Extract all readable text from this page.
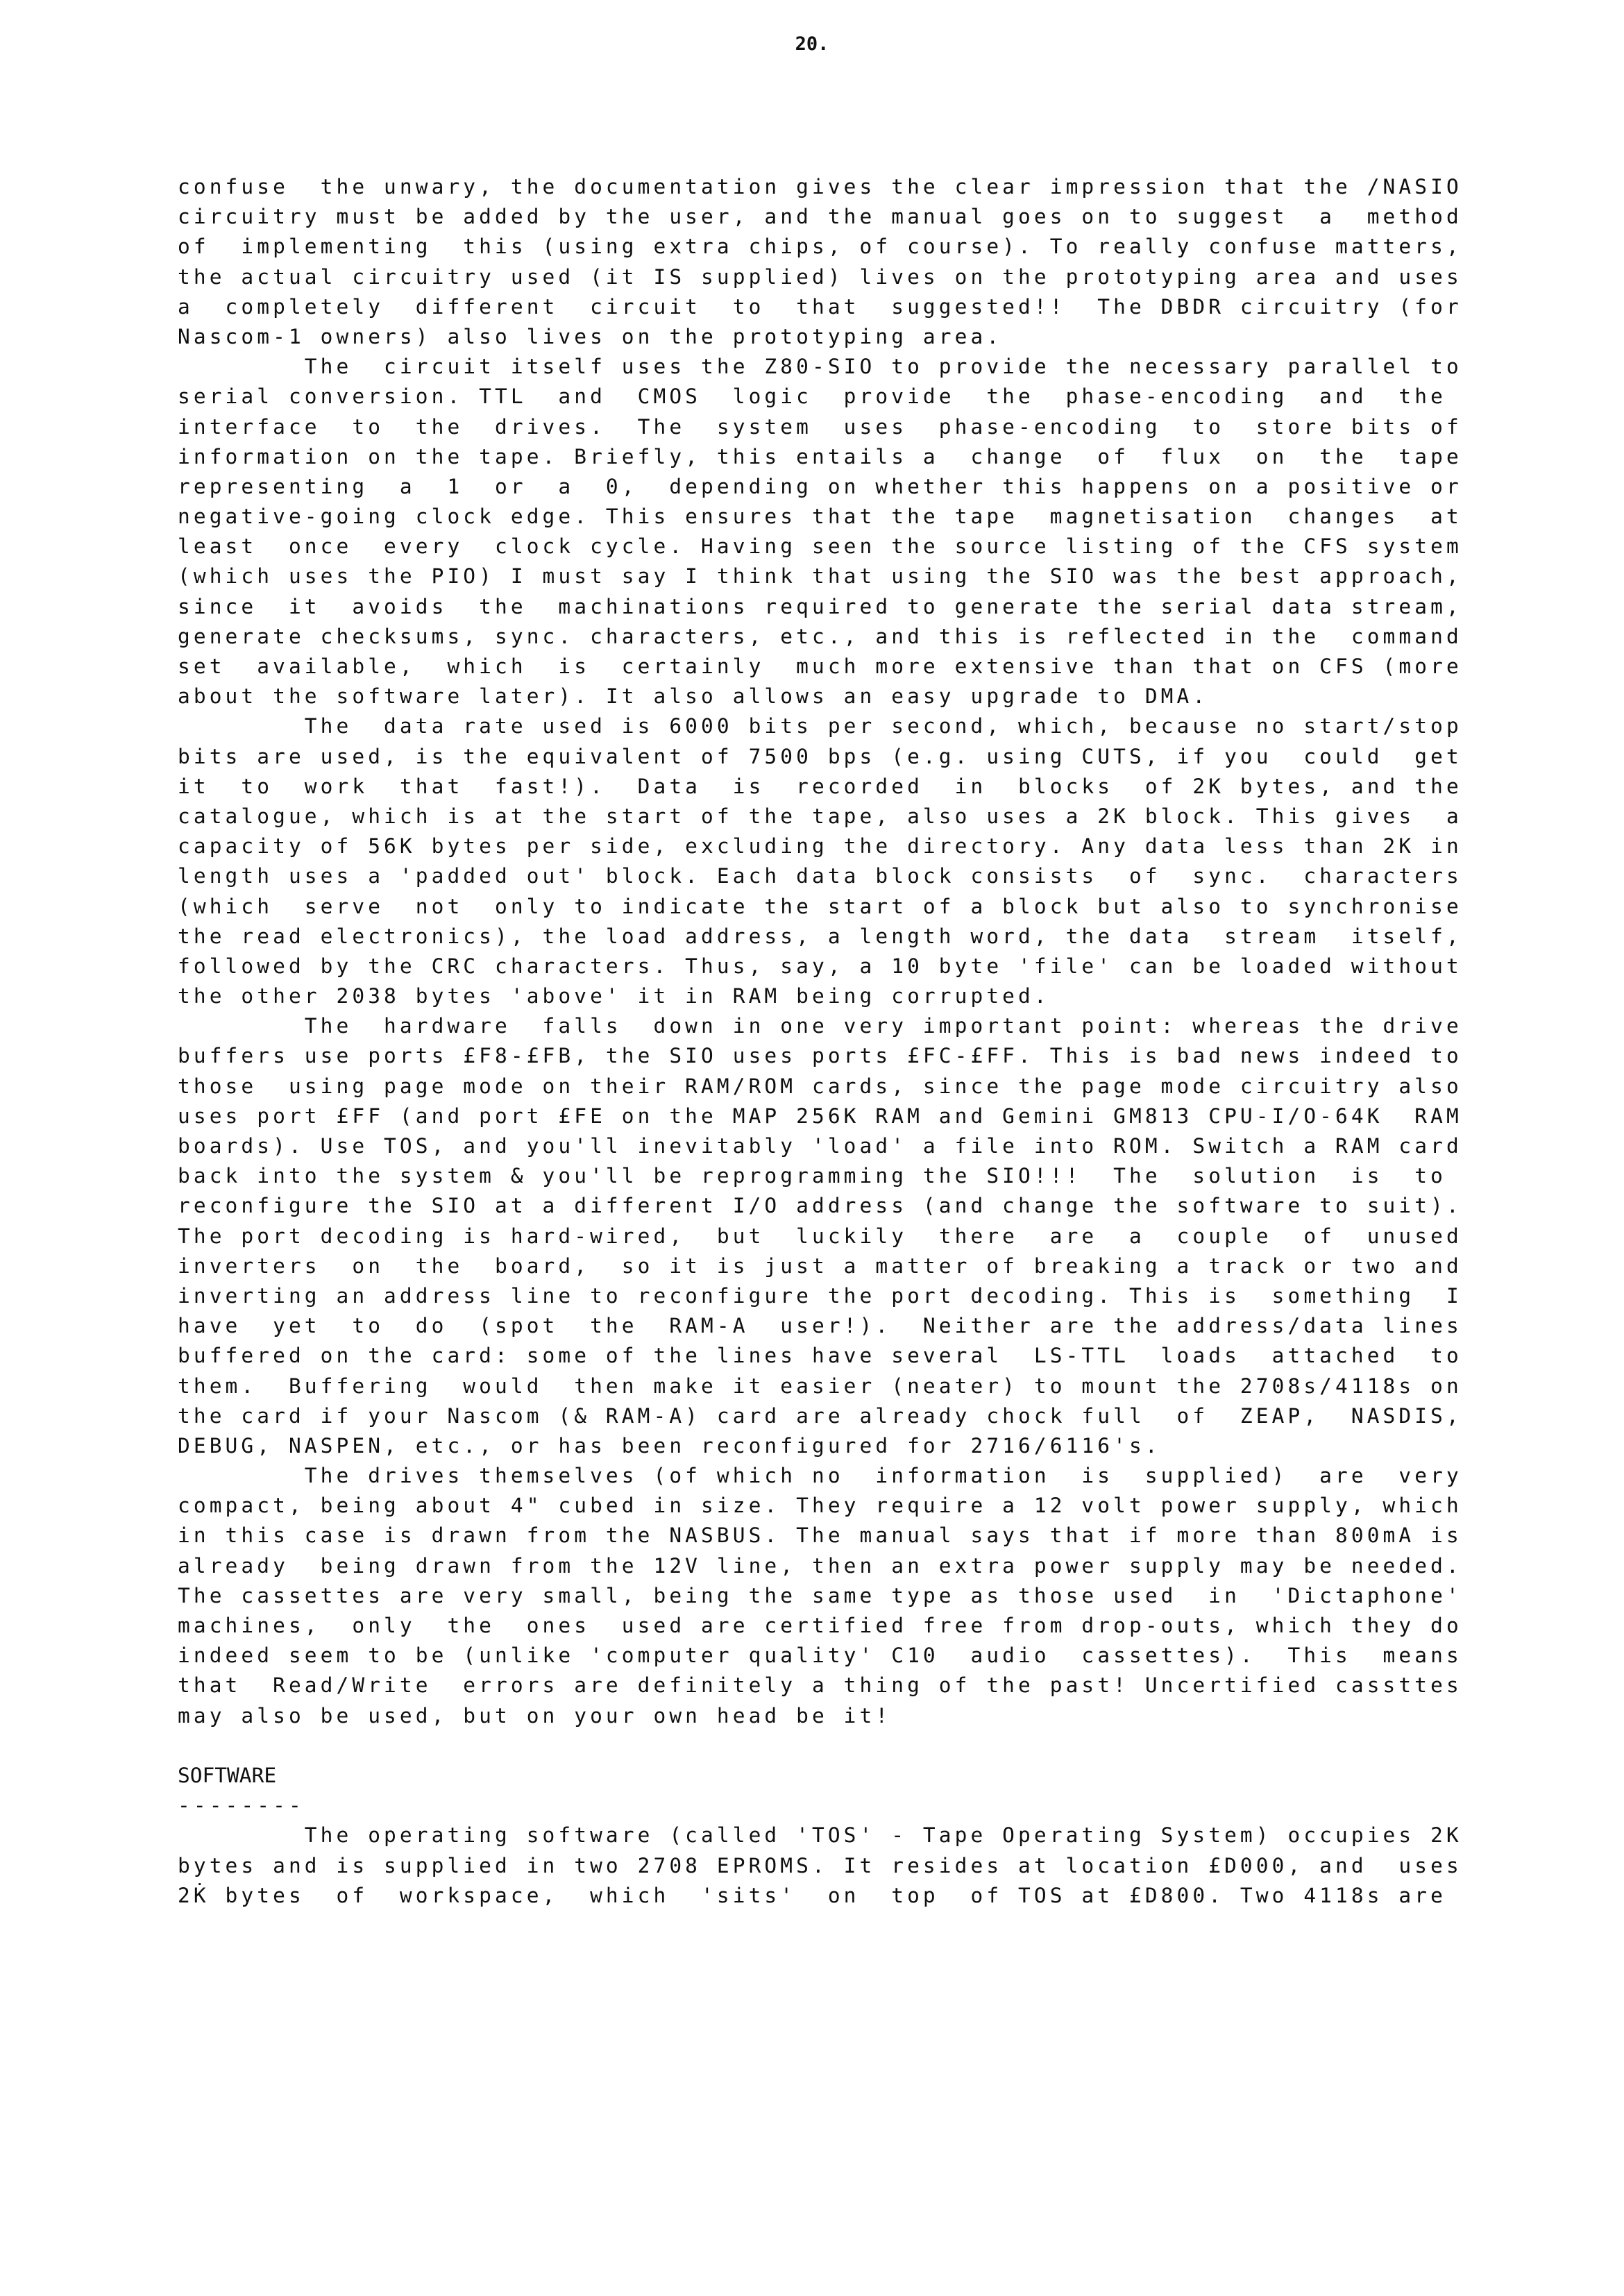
20.
confuse  the unwary, the documentation gives the clear impression that the /NASIO
circuitry must be added by the user, and the manual goes on to suggest  a  method
of  implementing  this (using extra chips, of course). To really confuse matters,
the actual circuitry used (it IS supplied) lives on the prototyping area and uses
a  completely  different  circuit  to  that  suggested!!  The DBDR circuitry (for
Nascom-1 owners) also lives on the prototyping area.
The  circuit itself uses the Z80-SIO to provide the necessary parallel to
serial conversion. TTL  and  CMOS  logic  provide  the  phase-encoding  and  the
interface  to  the  drives.  The  system  uses  phase-encoding  to  store bits of
information on the tape. Briefly, this entails a  change  of  flux  on  the  tape
representing  a  1  or  a  0,  depending on whether this happens on a positive or
negative-going clock edge. This ensures that the tape  magnetisation  changes  at
least  once  every  clock cycle. Having seen the source listing of the CFS system
(which uses the PIO) I must say I think that using the SIO was the best approach,
since  it  avoids  the  machinations required to generate the serial data stream,
generate checksums, sync. characters, etc., and this is reflected in the  command
set  available,  which  is  certainly  much more extensive than that on CFS (more
about the software later). It also allows an easy upgrade to DMA.
The  data rate used is 6000 bits per second, which, because no start/stop
bits are used, is the equivalent of 7500 bps (e.g. using CUTS, if you  could  get
it  to  work  that  fast!).  Data  is  recorded  in  blocks  of 2K bytes, and the
catalogue, which is at the start of the tape, also uses a 2K block. This gives  a
capacity of 56K bytes per side, excluding the directory. Any data less than 2K in
length uses a 'padded out' block. Each data block consists  of  sync.  characters
(which  serve  not  only to indicate the start of a block but also to synchronise
the read electronics), the load address, a length word, the data  stream  itself,
followed by the CRC characters. Thus, say, a 10 byte 'file' can be loaded without
the other 2038 bytes 'above' it in RAM being corrupted.
The  hardware  falls  down in one very important point: whereas the drive
buffers use ports £F8-£FB, the SIO uses ports £FC-£FF. This is bad news indeed to
those  using page mode on their RAM/ROM cards, since the page mode circuitry also
uses port £FF (and port £FE on the MAP 256K RAM and Gemini GM813 CPU-I/O-64K  RAM
boards). Use TOS, and you'll inevitably 'load' a file into ROM. Switch a RAM card
back into the system & you'll be reprogramming the SIO!!!  The  solution  is  to
reconfigure the SIO at a different I/O address (and change the software to suit).
The port decoding is hard-wired,  but  luckily  there  are  a  couple  of  unused
inverters  on  the  board,  so it is just a matter of breaking a track or two and
inverting an address line to reconfigure the port decoding. This is  something  I
have  yet  to  do  (spot  the  RAM-A  user!).  Neither are the address/data lines
buffered on the card: some of the lines have several  LS-TTL  loads  attached  to
them.  Buffering  would  then make it easier (neater) to mount the 2708s/4118s on
the card if your Nascom (& RAM-A) card are already chock full  of  ZEAP,  NASDIS,
DEBUG, NASPEN, etc., or has been reconfigured for 2716/6116's.
The drives themselves (of which no  information  is  supplied)  are  very
compact, being about 4" cubed in size. They require a 12 volt power supply, which
in this case is drawn from the NASBUS. The manual says that if more than 800mA is
already  being drawn from the 12V line, then an extra power supply may be needed.
The cassettes are very small, being the same type as those used  in  'Dictaphone'
machines,  only  the  ones  used are certified free from drop-outs, which they do
indeed seem to be (unlike 'computer quality' C10  audio  cassettes).  This  means
that  Read/Write  errors are definitely a thing of the past! Uncertified cassttes
may also be used, but on your own head be it!
SOFTWARE
--------
The operating software (called 'TOS' - Tape Operating System) occupies 2K
bytes and is supplied in two 2708 EPROMS. It resides at location £D000, and  uses
2K̇ bytes  of  workspace,  which  'sits'  on  top  of TOS at £D800. Two 4118s are
